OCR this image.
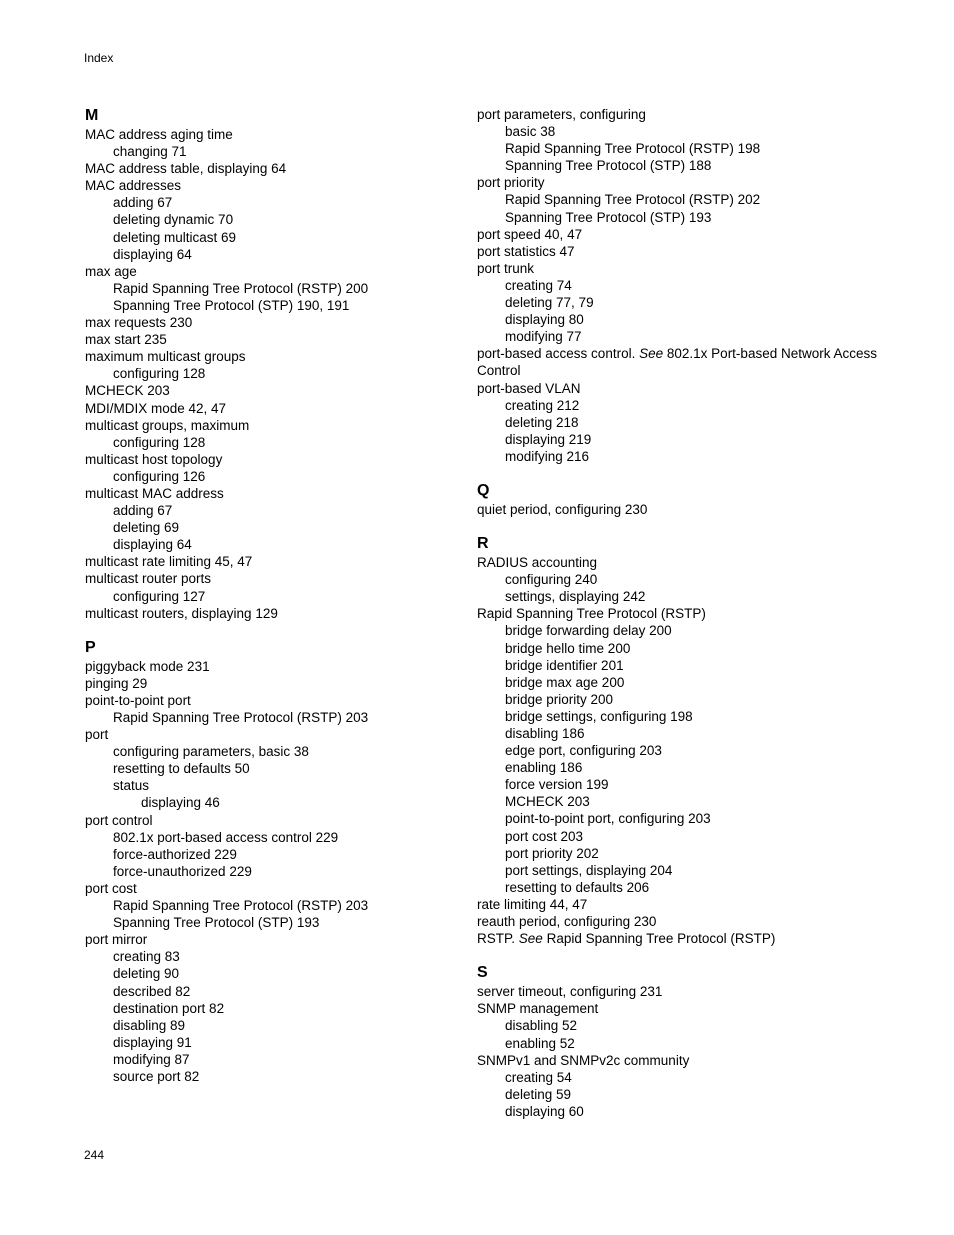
Index
M
MAC address aging time
changing 71
MAC address table, displaying 64
MAC addresses
adding 67
deleting dynamic 70
deleting multicast 69
displaying 64
max age
Rapid Spanning Tree Protocol (RSTP) 200
Spanning Tree Protocol (STP) 190, 191
max requests 230
max start 235
maximum multicast groups
configuring 128
MCHECK 203
MDI/MDIX mode 42, 47
multicast groups, maximum
configuring 128
multicast host topology
configuring 126
multicast MAC address
adding 67
deleting 69
displaying 64
multicast rate limiting 45, 47
multicast router ports
configuring 127
multicast routers, displaying 129
P
piggyback mode 231
pinging 29
point-to-point port
Rapid Spanning Tree Protocol (RSTP) 203
port
configuring parameters, basic 38
resetting to defaults 50
status
displaying 46
port control
802.1x port-based access control 229
force-authorized 229
force-unauthorized 229
port cost
Rapid Spanning Tree Protocol (RSTP) 203
Spanning Tree Protocol (STP) 193
port mirror
creating 83
deleting 90
described 82
destination port 82
disabling 89
displaying 91
modifying 87
source port 82
port parameters, configuring
basic 38
Rapid Spanning Tree Protocol (RSTP) 198
Spanning Tree Protocol (STP) 188
port priority
Rapid Spanning Tree Protocol (RSTP) 202
Spanning Tree Protocol (STP) 193
port speed 40, 47
port statistics 47
port trunk
creating 74
deleting 77, 79
displaying 80
modifying 77
port-based access control. See 802.1x Port-based Network Access Control
port-based VLAN
creating 212
deleting 218
displaying 219
modifying 216
Q
quiet period, configuring 230
R
RADIUS accounting
configuring 240
settings, displaying 242
Rapid Spanning Tree Protocol (RSTP)
bridge forwarding delay 200
bridge hello time 200
bridge identifier 201
bridge max age 200
bridge priority 200
bridge settings, configuring 198
disabling 186
edge port, configuring 203
enabling 186
force version 199
MCHECK 203
point-to-point port, configuring 203
port cost 203
port priority 202
port settings, displaying 204
resetting to defaults 206
rate limiting 44, 47
reauth period, configuring 230
RSTP. See Rapid Spanning Tree Protocol (RSTP)
S
server timeout, configuring 231
SNMP management
disabling 52
enabling 52
SNMPv1 and SNMPv2c community
creating 54
deleting 59
displaying 60
244
